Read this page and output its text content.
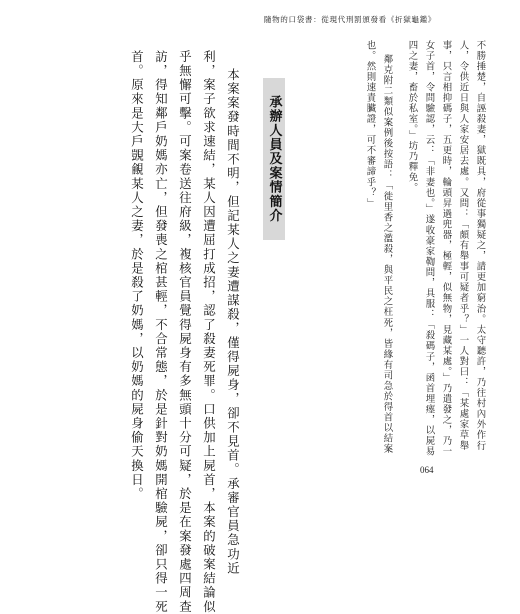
隨物的口袋書：從現代刑罰頒發看《折獄龜鑑》
不勝捶楚，自誣殺妻，獄既具，府從事獨疑之，請更加窮治。太守聽許，乃往村內外作行
人，令供近日與人家安居去處。又問：「頗有舉事可疑者乎？」一人對曰：「某處家草舉
事，只言相抑碼子，五更時，輪頭昇過兜器，極輕，似無物，見藏某處。」乃遣發之，乃一
女子首，令問驗認，云：「非妻也。」遂收豪家鞫問，具服：「殺碼子，函首埋瘞，以屍易
四之妻，畜於私室。」坊乃釋免。
鄰克附二類似案例後按語：「徙里香之濫殺，與平民之枉死，皆緣有司急於得首以結案
也。然則速責臟證，可不審諦乎？」
承辦人員及案情簡介
本案案發時間不明，但記某人之妻遭謀殺，僅得屍身，卻不見首。承審官員急功近
利，案子欲求速結，某人因遭屈打成招，認了殺妻死罪。口供加上屍首，本案的破案結論似
乎無懈可擊。可案卷送往府級，複核官員覺得屍身有多無頭十分可疑，於是在案發處四周查
訪，得知鄰戶奶媽亦亡，但發喪之棺甚輕，不合常態，於是針對奶媽開棺驗屍，卻只得一死
首。原來是大戶覬覦某人之妻，於是殺了奶媽，以奶媽的屍身偷天換日。	064
